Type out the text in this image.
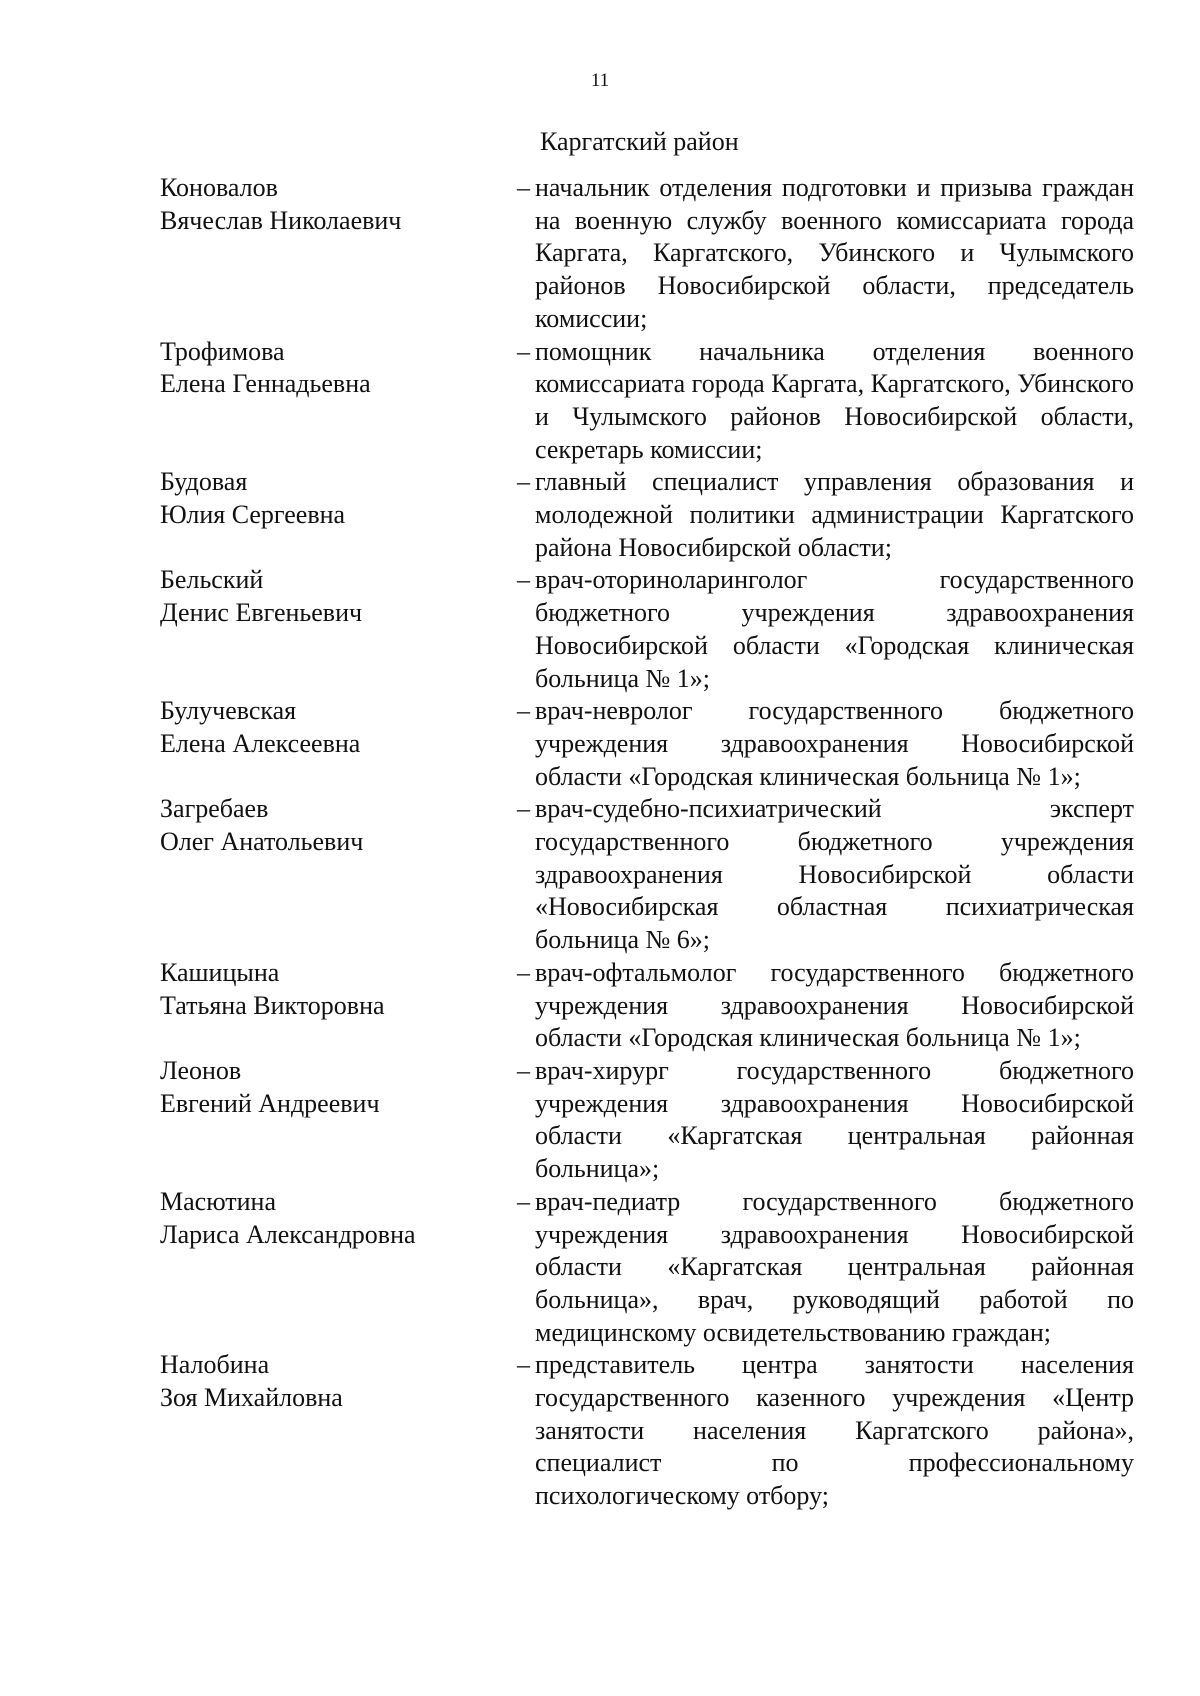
11
Каргатский район
Коновалов
Вячеслав Николаевич
– начальник отделения подготовки и призыва граждан на военную службу военного комиссариата города Каргата, Каргатского, Убинского и Чулымского районов Новосибирской области, председатель комиссии;
Трофимова
Елена Геннадьевна
– помощник начальника отделения военного комиссариата города Каргата, Каргатского, Убинского и Чулымского районов Новосибирской области, секретарь комиссии;
Будовая
Юлия Сергеевна
– главный специалист управления образования и молодежной политики администрации Каргатского района Новосибирской области;
Бельский
Денис Евгеньевич
– врач-оториноларинголог государственного бюджетного учреждения здравоохранения Новосибирской области «Городская клиническая больница № 1»;
Булучевская
Елена Алексеевна
– врач-невролог государственного бюджетного учреждения здравоохранения Новосибирской области «Городская клиническая больница № 1»;
Загребаев
Олег Анатольевич
– врач-судебно-психиатрический эксперт государственного бюджетного учреждения здравоохранения Новосибирской области «Новосибирская областная психиатрическая больница № 6»;
Кашицына
Татьяна Викторовна
– врач-офтальмолог государственного бюджетного учреждения здравоохранения Новосибирской области «Городская клиническая больница № 1»;
Леонов
Евгений Андреевич
– врач-хирург государственного бюджетного учреждения здравоохранения Новосибирской области «Каргатская центральная районная больница»;
Масютина
Лариса Александровна
– врач-педиатр государственного бюджетного учреждения здравоохранения Новосибирской области «Каргатская центральная районная больница», врач, руководящий работой по медицинскому освидетельствованию граждан;
Налобина
Зоя Михайловна
– представитель центра занятости населения государственного казенного учреждения «Центр занятости населения Каргатского района», специалист по профессиональному психологическому отбору;
